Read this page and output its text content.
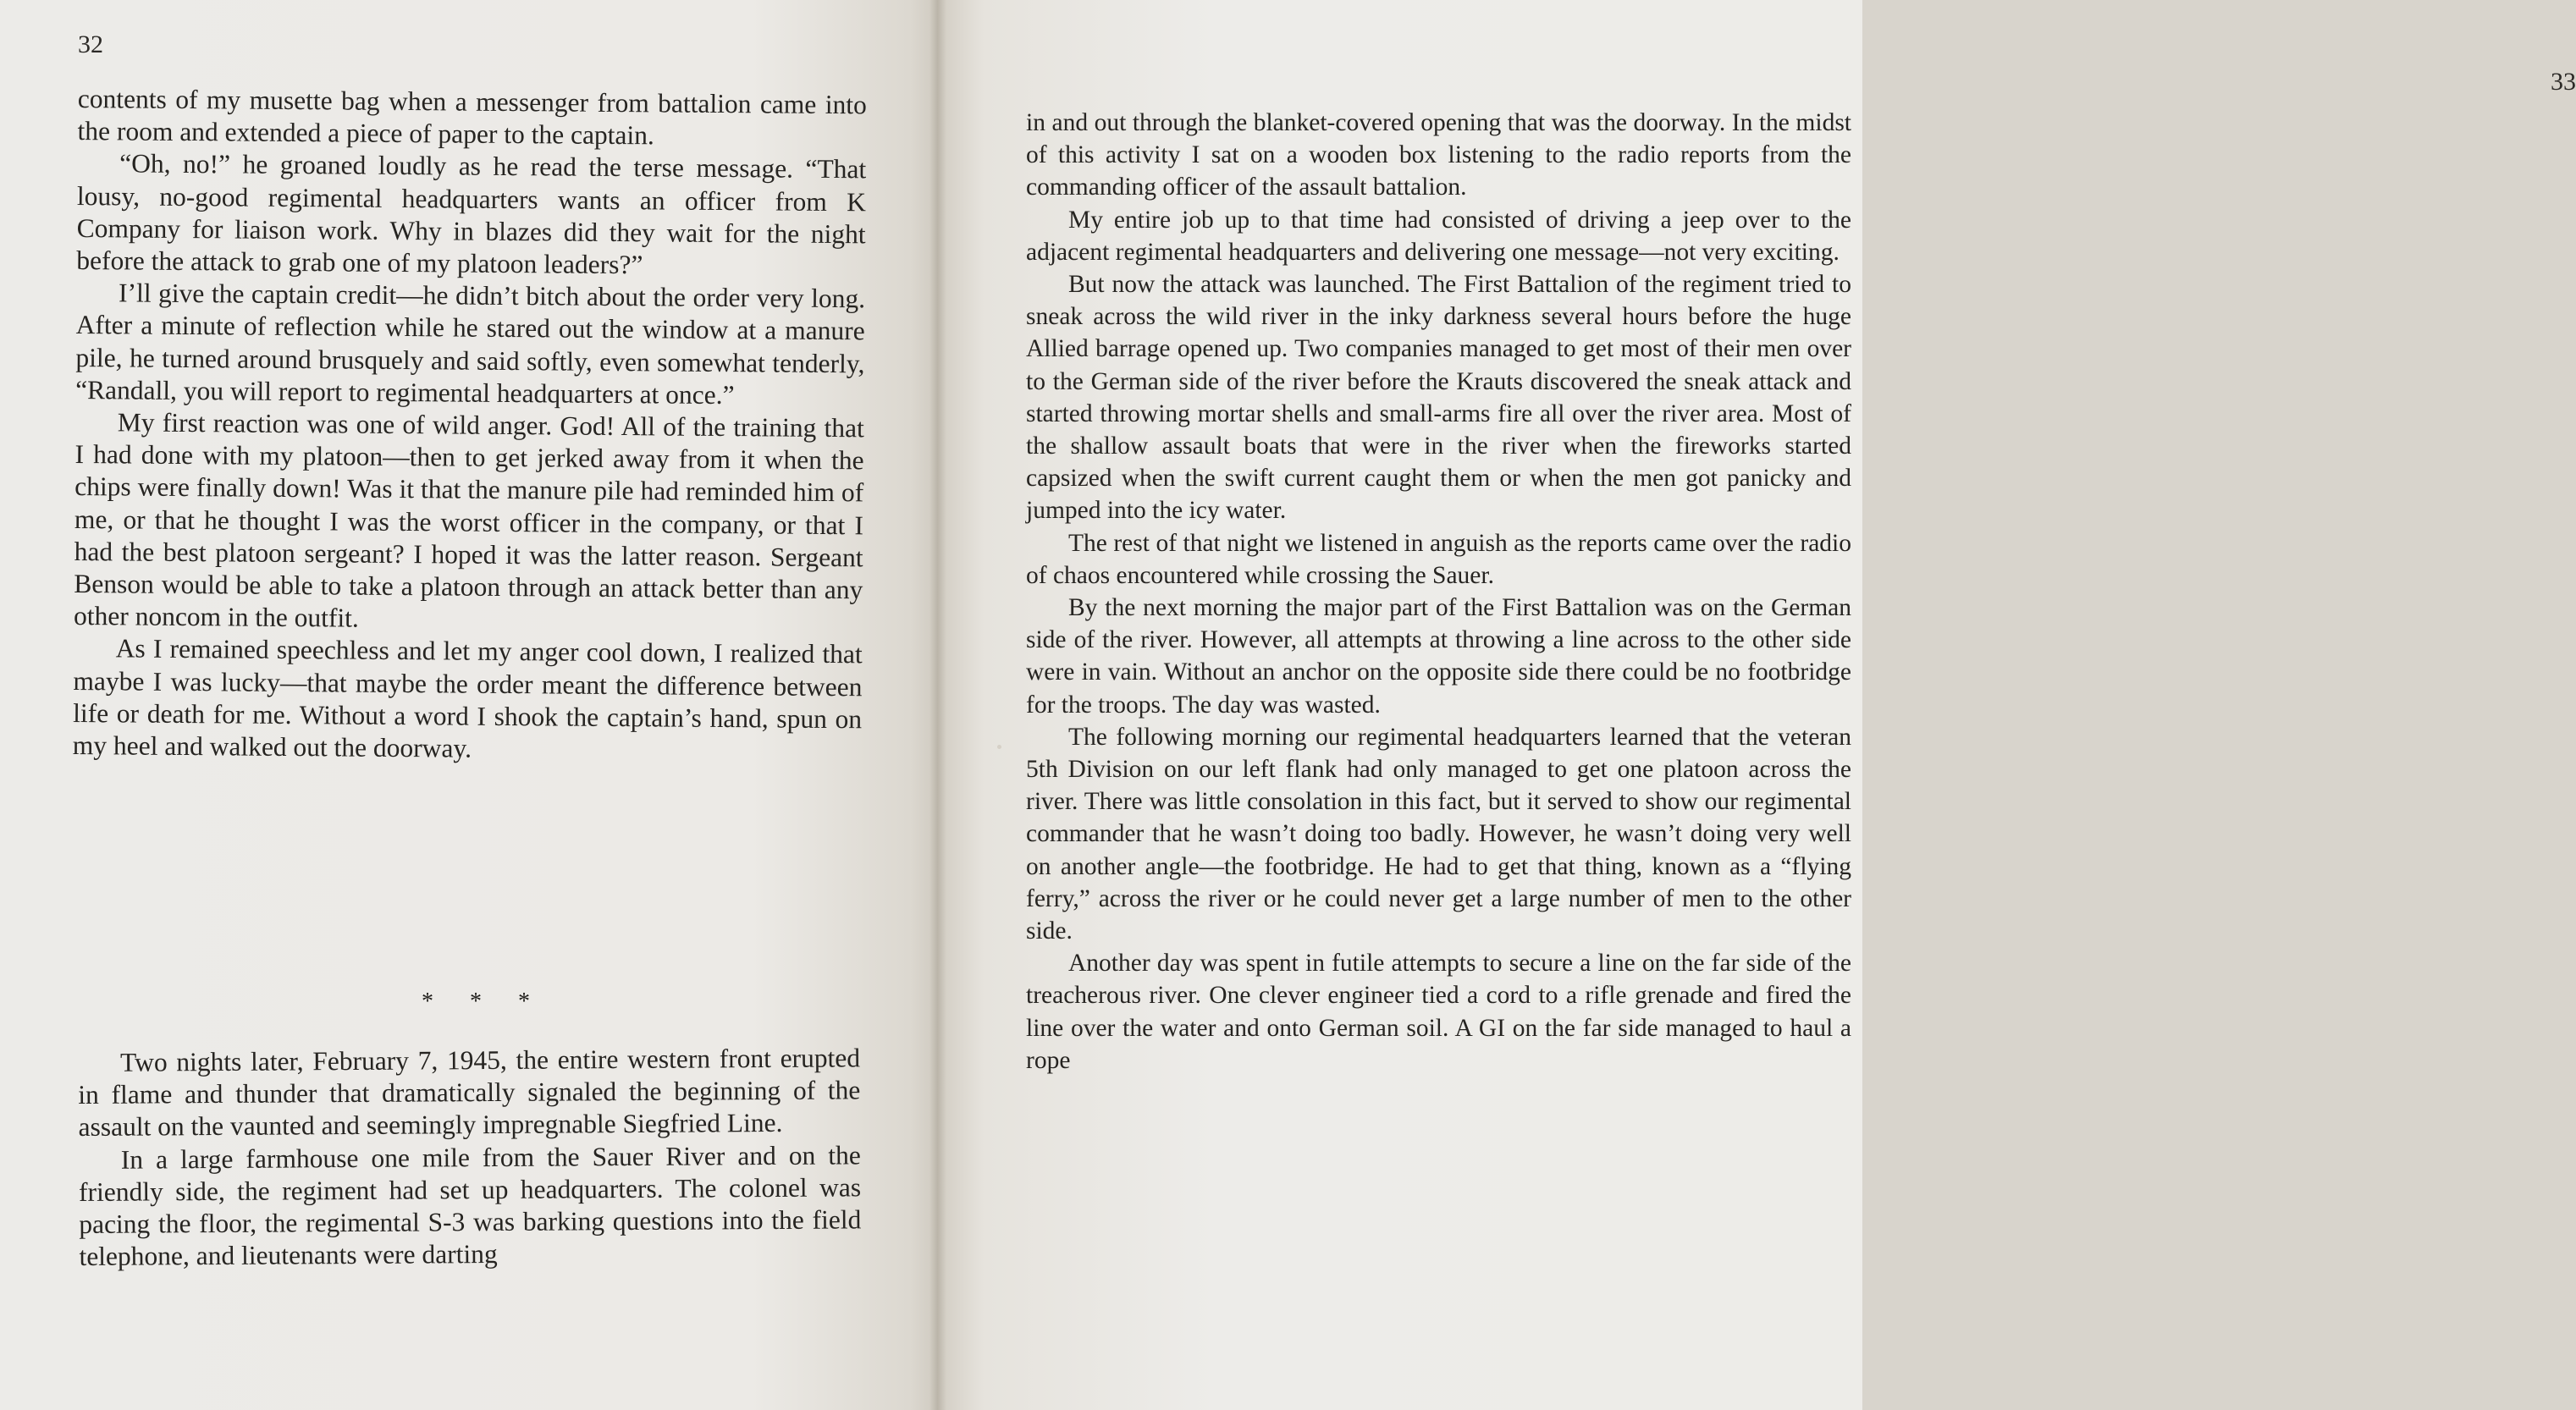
32

contents of my musette bag when a messenger from battalion came into the room and extended a piece of paper to the captain.

“Oh, no!” he groaned loudly as he read the terse message. “That lousy, no-good regimental headquarters wants an officer from K Company for liaison work. Why in blazes did they wait for the night before the attack to grab one of my platoon leaders?”

I’ll give the captain credit—he didn’t bitch about the order very long. After a minute of reflection while he stared out the window at a manure pile, he turned around brusquely and said softly, even somewhat tenderly, “Randall, you will report to regimental headquarters at once.”

My first reaction was one of wild anger. God! All of the training that I had done with my platoon—then to get jerked away from it when the chips were finally down! Was it that the manure pile had reminded him of me, or that he thought I was the worst officer in the company, or that I had the best platoon sergeant? I hoped it was the latter reason. Sergeant Benson would be able to take a platoon through an attack better than any other noncom in the outfit.

As I remained speechless and let my anger cool down, I realized that maybe I was lucky—that maybe the order meant the difference between life or death for me. Without a word I shook the captain’s hand, spun on my heel and walked out the doorway.

* * *

Two nights later, February 7, 1945, the entire western front erupted in flame and thunder that dramatically signaled the beginning of the assault on the vaunted and seemingly impregnable Siegfried Line.

In a large farmhouse one mile from the Sauer River and on the friendly side, the regiment had set up headquarters. The colonel was pacing the floor, the regimental S-3 was barking questions into the field telephone, and lieutenants were darting

33

in and out through the blanket-covered opening that was the doorway. In the midst of this activity I sat on a wooden box listening to the radio reports from the commanding officer of the assault battalion.

My entire job up to that time had consisted of driving a jeep over to the adjacent regimental headquarters and delivering one message—not very exciting.

But now the attack was launched. The First Battalion of the regiment tried to sneak across the wild river in the inky darkness several hours before the huge Allied barrage opened up. Two companies managed to get most of their men over to the German side of the river before the Krauts discovered the sneak attack and started throwing mortar shells and small-arms fire all over the river area. Most of the shallow assault boats that were in the river when the fireworks started capsized when the swift current caught them or when the men got panicky and jumped into the icy water.

The rest of that night we listened in anguish as the reports came over the radio of chaos encountered while crossing the Sauer.

By the next morning the major part of the First Battalion was on the German side of the river. However, all attempts at throwing a line across to the other side were in vain. Without an anchor on the opposite side there could be no footbridge for the troops. The day was wasted.

The following morning our regimental headquarters learned that the veteran 5th Division on our left flank had only managed to get one platoon across the river. There was little consolation in this fact, but it served to show our regimental commander that he wasn’t doing too badly. However, he wasn’t doing very well on another angle—the footbridge. He had to get that thing, known as a “flying ferry,” across the river or he could never get a large number of men to the other side.

Another day was spent in futile attempts to secure a line on the far side of the treacherous river. One clever engineer tied a cord to a rifle grenade and fired the line over the water and onto German soil. A GI on the far side managed to haul a rope
